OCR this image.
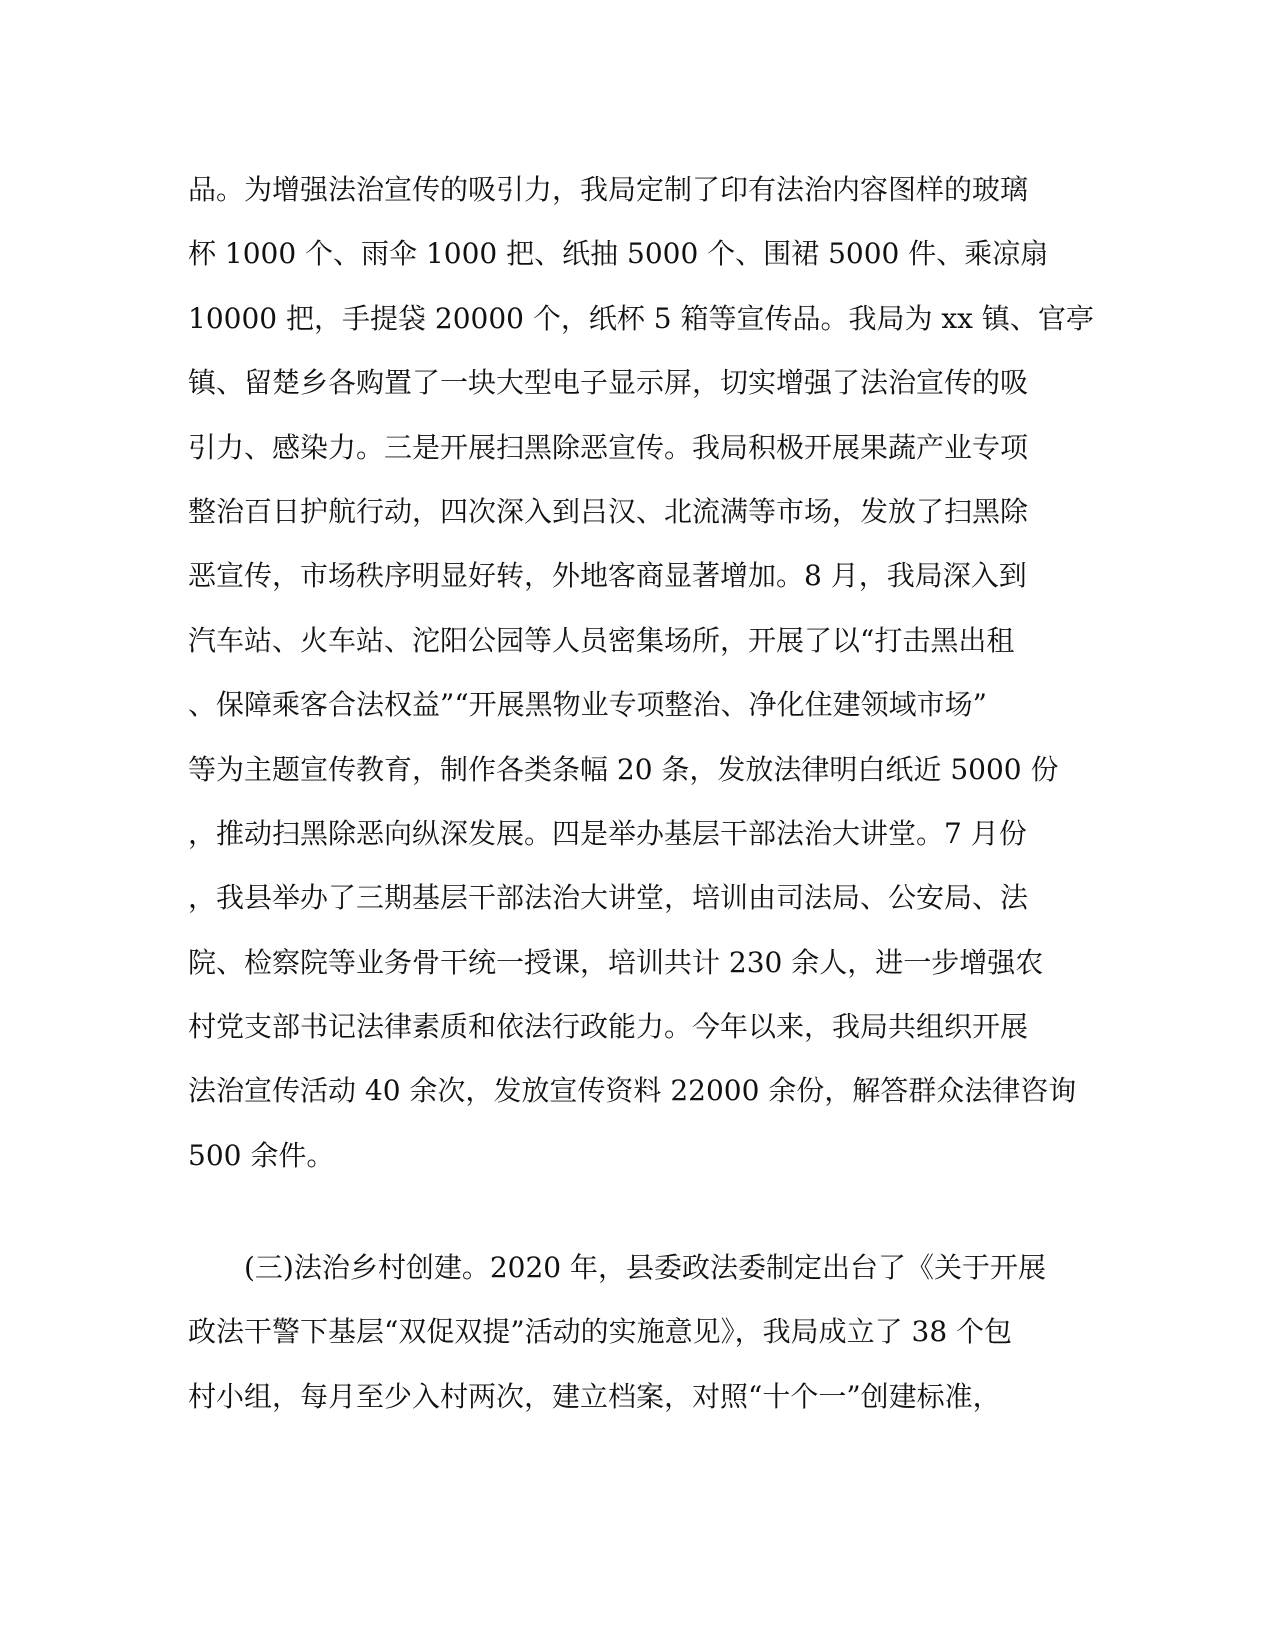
品。为增强法治宣传的吸引力，我局定制了印有法治内容图样的玻璃
杯 1000 个、雨伞 1000 把、纸抽 5000 个、围裙 5000 件、乘凉扇
10000 把，手提袋 20000 个，纸杯 5 箱等宣传品。我局为 xx 镇、官亭
镇、留楚乡各购置了一块大型电子显示屏，切实增强了法治宣传的吸
引力、感染力。三是开展扫黑除恶宣传。我局积极开展果蔬产业专项
整治百日护航行动，四次深入到吕汉、北流满等市场，发放了扫黑除
恶宣传，市场秩序明显好转，外地客商显著增加。8 月，我局深入到
汽车站、火车站、沱阳公园等人员密集场所，开展了以“打击黑出租
、保障乘客合法权益”“开展黑物业专项整治、净化住建领域市场”
等为主题宣传教育，制作各类条幅 20 条，发放法律明白纸近 5000 份
，推动扫黑除恶向纵深发展。四是举办基层干部法治大讲堂。7 月份
，我县举办了三期基层干部法治大讲堂，培训由司法局、公安局、法
院、检察院等业务骨干统一授课，培训共计 230 余人，进一步增强农
村党支部书记法律素质和依法行政能力。今年以来，我局共组织开展
法治宣传活动 40 余次，发放宣传资料 22000 余份，解答群众法律咨询
500 余件。
　　(三)法治乡村创建。2020 年，县委政法委制定出台了《关于开展
政法干警下基层“双促双提”活动的实施意见》，我局成立了 38 个包
村小组，每月至少入村两次，建立档案，对照“十个一”创建标准，
